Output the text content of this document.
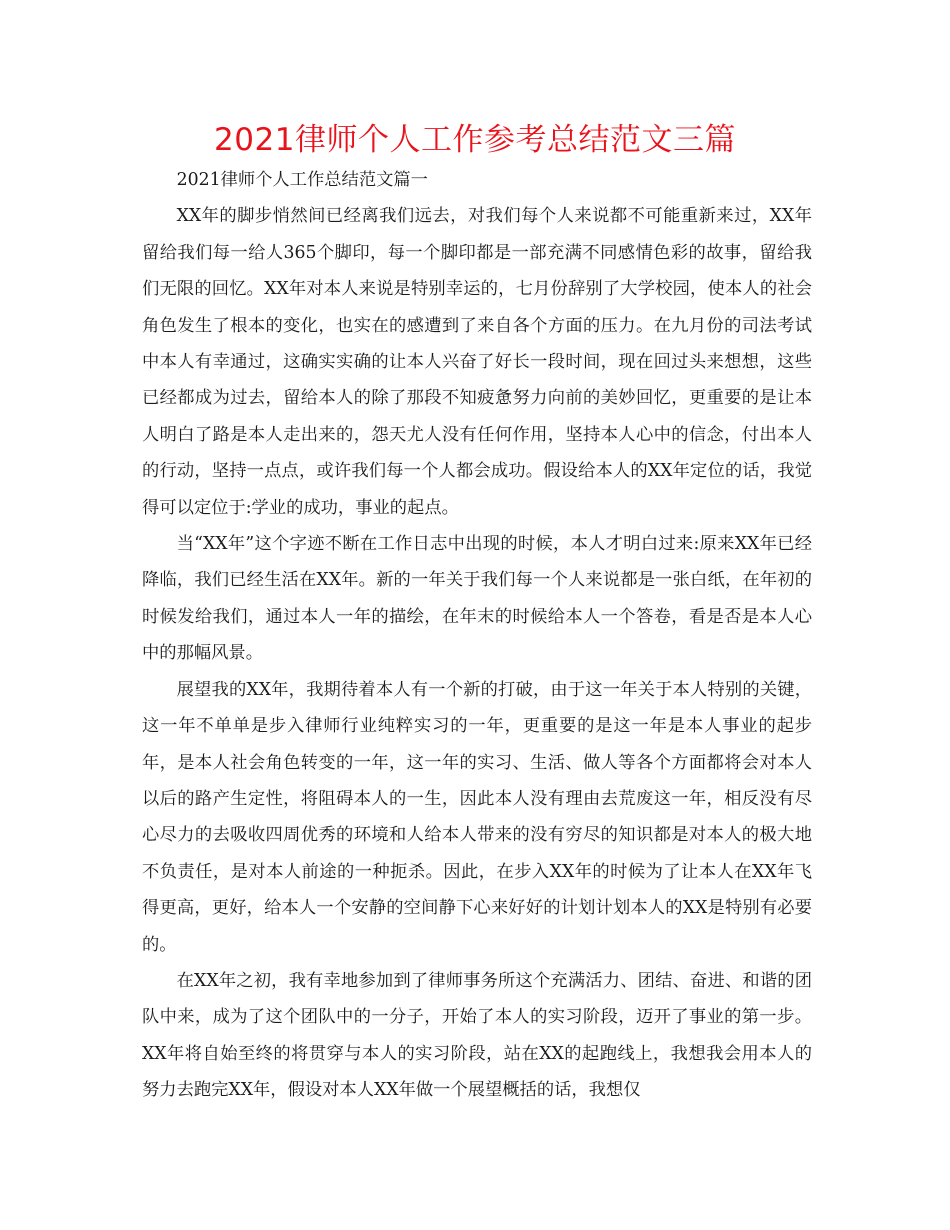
2021律师个人工作参考总结范文三篇

2021律师个人工作总结范文篇一

XX年的脚步悄然间已经离我们远去，对我们每个人来说都不可能重新来过，XX年留给我们每一给人365个脚印，每一个脚印都是一部充满不同感情色彩的故事，留给我们无限的回忆。XX年对本人来说是特别幸运的，七月份辞别了大学校园，使本人的社会角色发生了根本的变化，也实在的感遭到了来自各个方面的压力。在九月份的司法考试中本人有幸通过，这确实实确的让本人兴奋了好长一段时间，现在回过头来想想，这些已经都成为过去，留给本人的除了那段不知疲惫努力向前的美妙回忆，更重要的是让本人明白了路是本人走出来的，怨天尤人没有任何作用，坚持本人心中的信念，付出本人的行动，坚持一点点，或许我们每一个人都会成功。假设给本人的XX年定位的话，我觉得可以定位于:学业的成功，事业的起点。

当“XX年”这个字迹不断在工作日志中出现的时候，本人才明白过来:原来XX年已经降临，我们已经生活在XX年。新的一年关于我们每一个人来说都是一张白纸，在年初的时候发给我们，通过本人一年的描绘，在年末的时候给本人一个答卷，看是否是本人心中的那幅风景。

展望我的XX年，我期待着本人有一个新的打破，由于这一年关于本人特别的关键，这一年不单单是步入律师行业纯粹实习的一年，更重要的是这一年是本人事业的起步年，是本人社会角色转变的一年，这一年的实习、生活、做人等各个方面都将会对本人以后的路产生定性，将阻碍本人的一生，因此本人没有理由去荒废这一年，相反没有尽心尽力的去吸收四周优秀的环境和人给本人带来的没有穷尽的知识都是对本人的极大地不负责任，是对本人前途的一种扼杀。因此，在步入XX年的时候为了让本人在XX年飞得更高，更好，给本人一个安静的空间静下心来好好的计划计划本人的XX是特别有必要的。

在XX年之初，我有幸地参加到了律师事务所这个充满活力、团结、奋进、和谐的团队中来，成为了这个团队中的一分子，开始了本人的实习阶段，迈开了事业的第一步。XX年将自始至终的将贯穿与本人的实习阶段，站在XX的起跑线上，我想我会用本人的努力去跑完XX年，假设对本人XX年做一个展望概括的话，我想仅
